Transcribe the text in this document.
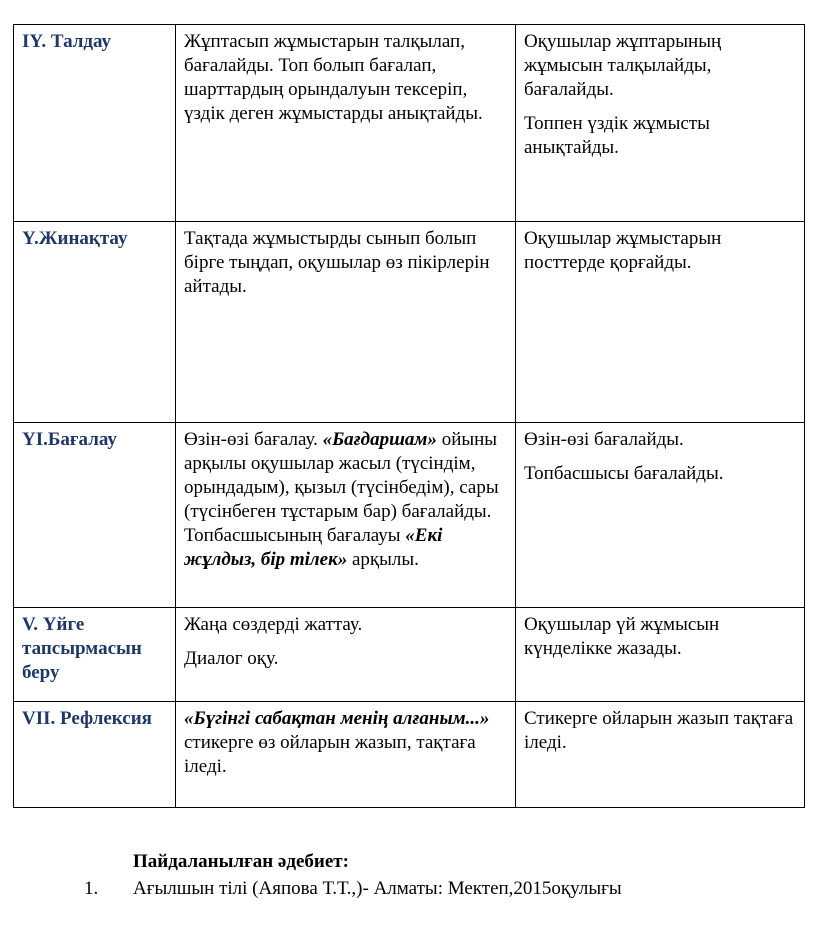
IY. Талдау	Жұптасып жұмыстарын талқылап, бағалайды. Топ болып бағалап, шарттардың орындалуын тексеріп, үздік деген жұмыстарды анықтайды.	Оқушылар жұптарының жұмысын талқылайды, бағалайды.
Топпен үздік жұмысты анықтайды.

Y.Жинақтау	Тақтада жұмыстырды сынып болып бірге тыңдап, оқушылар өз пікірлерін айтады.	Оқушылар жұмыстарын посттерде қорғайды.

YI.Бағалау	Өзін-өзі бағалау. «Бағдаршам» ойыны арқылы оқушылар жасыл (түсіндім, орындадым), қызыл (түсінбедім), сары (түсінбеген тұстарым бар) бағалайды. Топбасшысының бағалауы «Екі жұлдыз, бір тілек» арқылы.	Өзін-өзі бағалайды.
Топбасшысы бағалайды.

V. Үйге тапсырмасын беру	Жаңа сөздерді жаттау.
Диалог оқу.	Оқушылар үй жұмысын күнделікке жазады.

VII. Рефлексия	«Бүгінгі сабақтан менің алғаным...» стикерге өз ойларын жазып, тақтаға іледі.	Стикерге ойларын жазып тақтаға іледі.
Пайдаланылған әдебиет:
1. Ағылшын тілі (Аяпова Т.Т.,)- Алматы: Мектеп,2015оқулығы
